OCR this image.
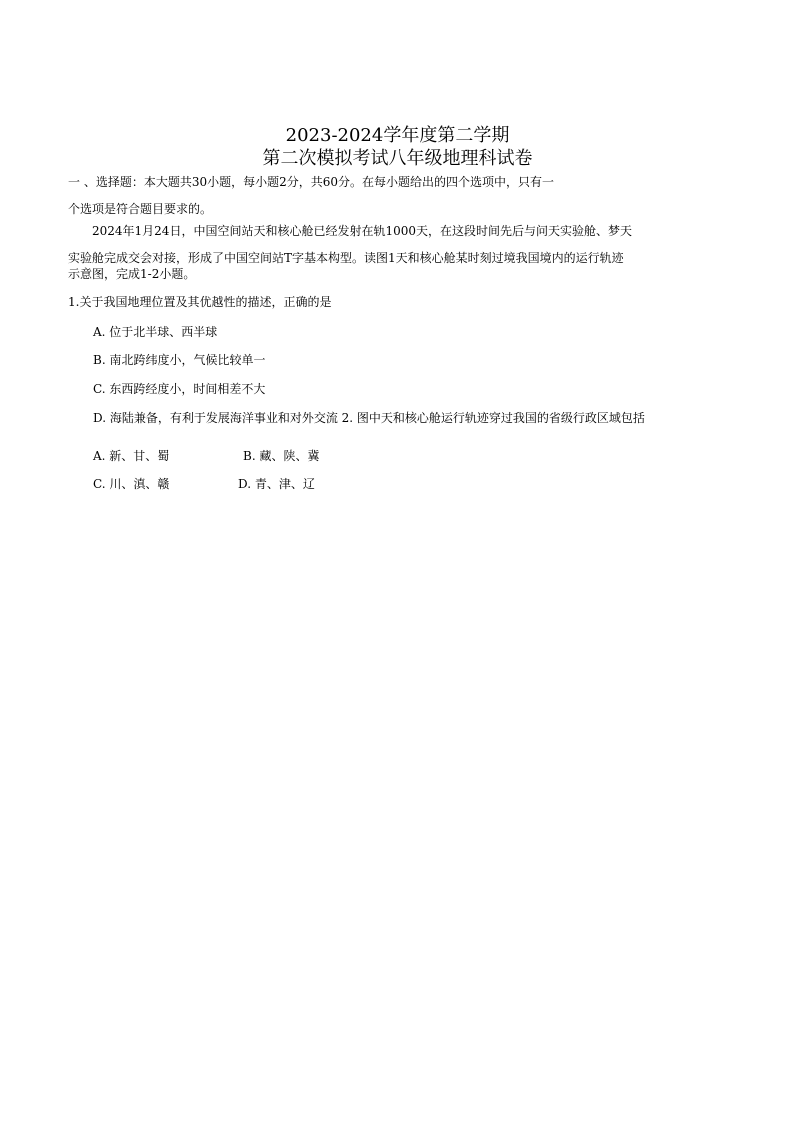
2023-2024学年度第二学期
第二次模拟考试八年级地理科试卷
一 、选择题：本大题共30小题，每小题2分，共60分。在每小题给出的四个选项中，只有一
个选项是符合题目要求的。
2024年1月24日，中国空间站天和核心舱已经发射在轨1000天，在这段时间先后与问天实验舱、梦天
实验舱完成交会对接，形成了中国空间站T字基本构型。读图1天和核心舱某时刻过境我国境内的运行轨迹
示意图，完成1-2小题。
1.关于我国地理位置及其优越性的描述，正确的是
A. 位于北半球、西半球
B. 南北跨纬度小，气候比较单一
C. 东西跨经度小，时间相差不大
D. 海陆兼备，有利于发展海洋事业和对外交流 2. 图中天和核心舱运行轨迹穿过我国的省级行政区域包括
A. 新、甘、蜀	B. 藏、陕、冀
C. 川、滇、赣	D. 青、津、辽
